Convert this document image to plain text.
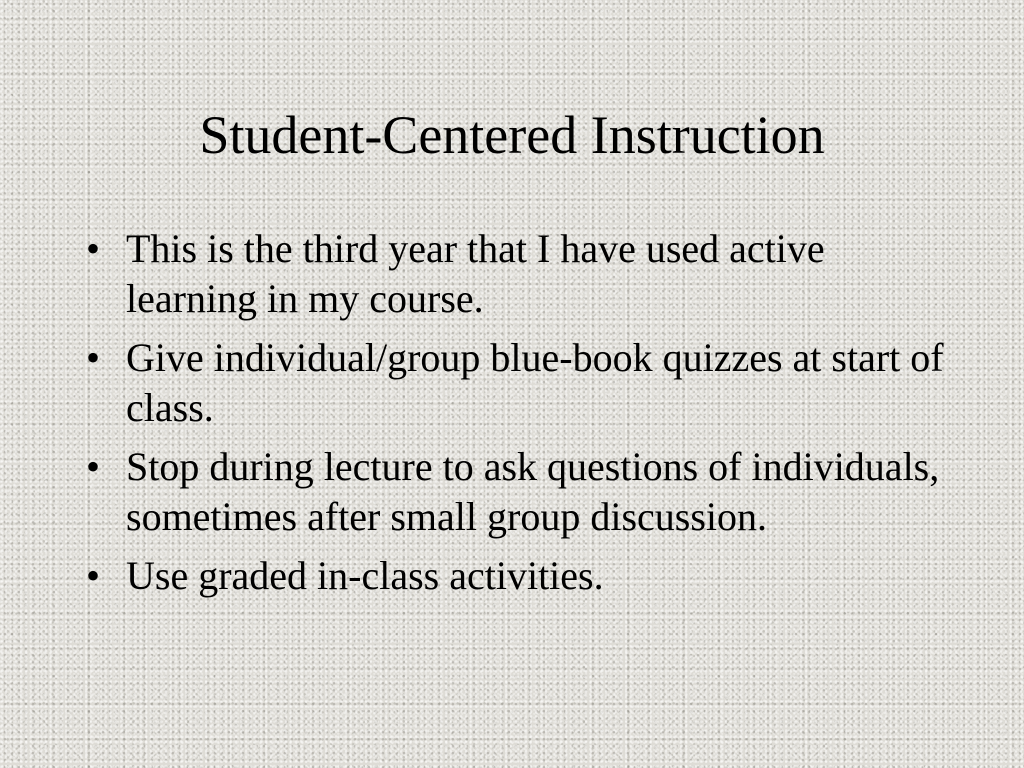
Student-Centered Instruction
• This is the third year that I have used active learning in my course.
• Give individual/group blue-book quizzes at start of class.
• Stop during lecture to ask questions of individuals, sometimes after small group discussion.
• Use graded in-class activities.
